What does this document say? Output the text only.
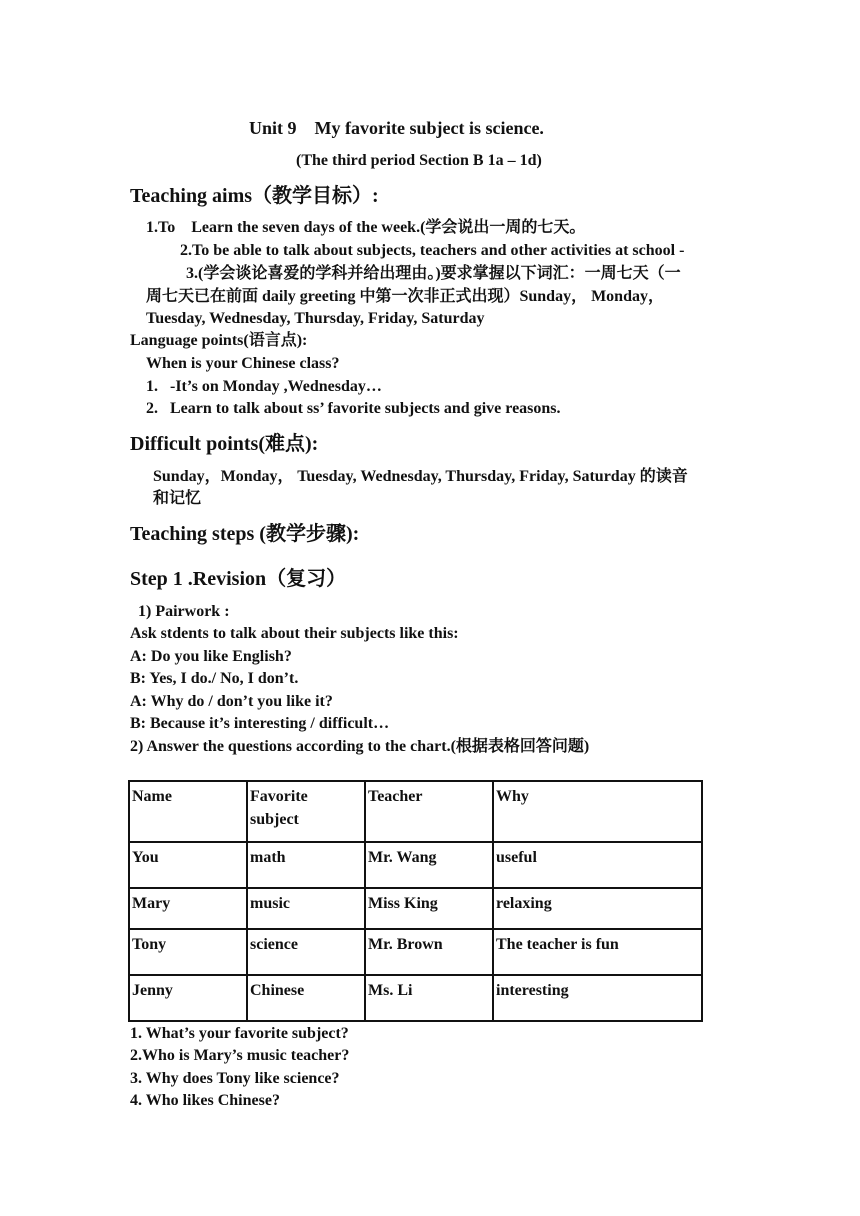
Unit 9    My favorite subject is science.
(The third period Section B 1a – 1d)
Teaching aims（教学目标）:
1.To    Learn the seven days of the week.(学会说出一周的七天。
2.To be able to talk about subjects, teachers and other activities at school -
3.(学会谈论喜爱的学科并给出理由。)要求掌握以下词汇：一周七天（一
周七天已在前面 daily greeting 中第一次非正式出现）Sunday， Monday，
Tuesday, Wednesday, Thursday, Friday, Saturday
Language points(语言点):
When is your Chinese class?
1.   -It’s on Monday ,Wednesday…
2.   Learn to talk about ss’ favorite subjects and give reasons.
Difficult points(难点):
Sunday，Monday， Tuesday, Wednesday, Thursday, Friday, Saturday 的读音
和记忆
Teaching steps (教学步骤):
Step 1 .Revision（复习）
1) Pairwork :
Ask stdents to talk about their subjects like this:
A: Do you like English?
B: Yes, I do./ No, I don’t.
A: Why do / don’t you like it?
B: Because it’s interesting / difficult…
2) Answer the questions according to the chart.(根据表格回答问题)
Name	Favorite subject	Teacher	Why
You	math	Mr. Wang	useful
Mary	music	Miss King	relaxing
Tony	science	Mr. Brown	The teacher is fun
Jenny	Chinese	Ms. Li	interesting
1. What’s your favorite subject?
2.Who is Mary’s music teacher?
3. Why does Tony like science?
4. Who likes Chinese?
